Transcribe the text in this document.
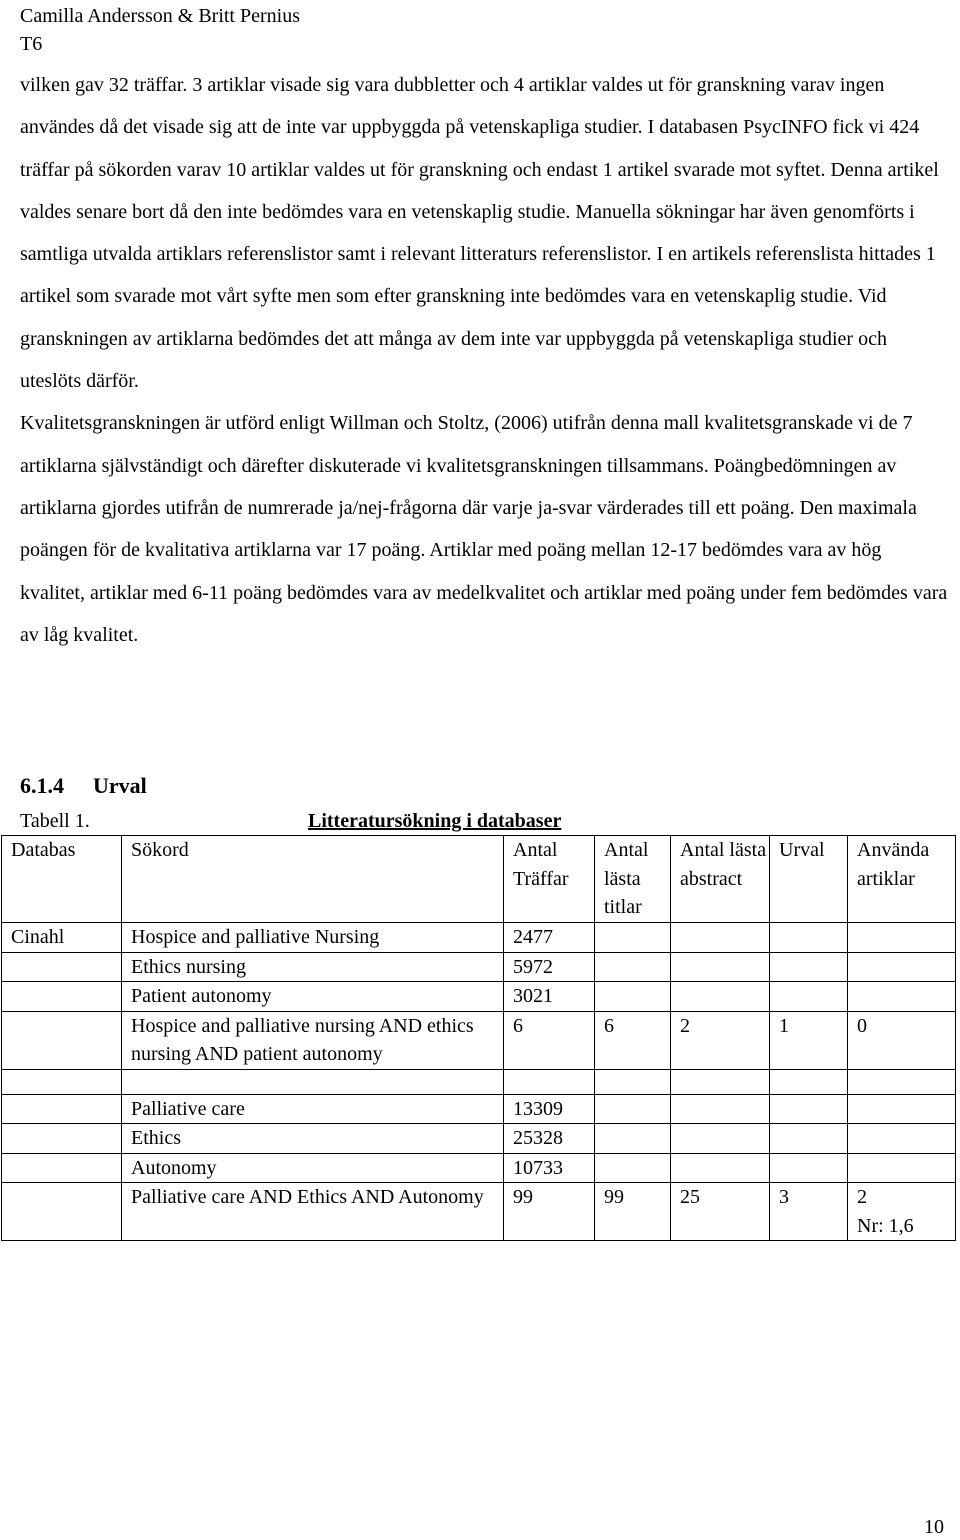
Camilla Andersson & Britt Pernius
T6

vilken gav 32 träffar. 3 artiklar visade sig vara dubbletter och 4 artiklar valdes ut för granskning varav ingen användes då det visade sig att de inte var uppbyggda på vetenskapliga studier. I databasen PsycINFO fick vi 424 träffar på sökorden varav 10 artiklar valdes ut för granskning och endast 1 artikel svarade mot syftet. Denna artikel valdes senare bort då den inte bedömdes vara en vetenskaplig studie. Manuella sökningar har även genomförts i samtliga utvalda artiklars referenslistor samt i relevant litteraturs referenslistor. I en artikels referenslista hittades 1 artikel som svarade mot vårt syfte men som efter granskning inte bedömdes vara en vetenskaplig studie. Vid granskningen av artiklarna bedömdes det att många av dem inte var uppbyggda på vetenskapliga studier och uteslöts därför.

Kvalitetsgranskningen är utförd enligt Willman och Stoltz, (2006) utifrån denna mall kvalitetsgranskade vi de 7 artiklarna självständigt och därefter diskuterade vi kvalitetsgranskningen tillsammans. Poängbedömningen av artiklarna gjordes utifrån de numrerade ja/nej-frågorna där varje ja-svar värderades till ett poäng. Den maximala poängen för de kvalitativa artiklarna var 17 poäng. Artiklar med poäng mellan 12-17 bedömdes vara av hög kvalitet, artiklar med 6-11 poäng bedömdes vara av medelkvalitet och artiklar med poäng under fem bedömdes vara av låg kvalitet.

6.1.4 Urval
Tabell 1.	Litteratursökning i databaser
Databas	Sökord	Antal Träffar	Antal lästa titlar	Antal lästa abstract	Urval	Använda artiklar
Cinahl	Hospice and palliative Nursing	2477				
	Ethics nursing	5972				
	Patient autonomy	3021				
	Hospice and palliative nursing AND ethics nursing AND patient autonomy	6	6	2	1	0

	Palliative care	13309				
	Ethics	25328				
	Autonomy	10733				
	Palliative care AND Ethics AND Autonomy	99	99	25	3	2
Nr: 1,6
10
